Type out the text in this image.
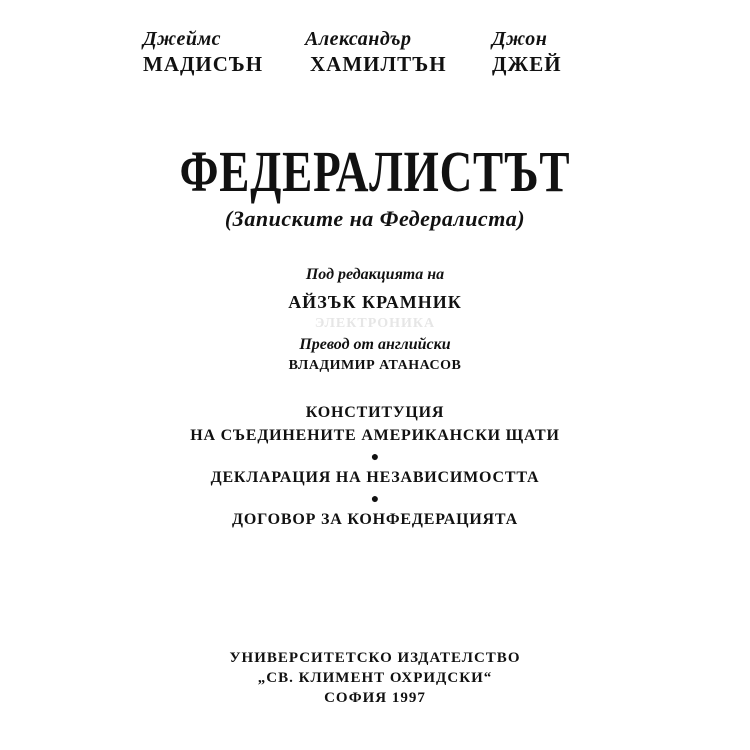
Джеймс
МАДИСЪН
Александър
ХАМИЛТЪН
Джон
ДЖЕЙ
ФЕДЕРАЛИСТЪТ
(Записките на Федералиста)
Под редакцията на
АЙЗЪК КРАМНИК
ЭЛЕКТРОНИКА
Превод от английски
ВЛАДИМИР АТАНАСОВ
КОНСТИТУЦИЯ
НА СЪЕДИНЕНИТЕ АМЕРИКАНСКИ ЩАТИ
●
ДЕКЛАРАЦИЯ НА НЕЗАВИСИМОСТТА
●
ДОГОВОР ЗА КОНФЕДЕРАЦИЯТА
УНИВЕРСИТЕТСКО ИЗДАТЕЛСТВО
„СВ. КЛИМЕНТ ОХРИДСКИ“
СОФИЯ 1997
